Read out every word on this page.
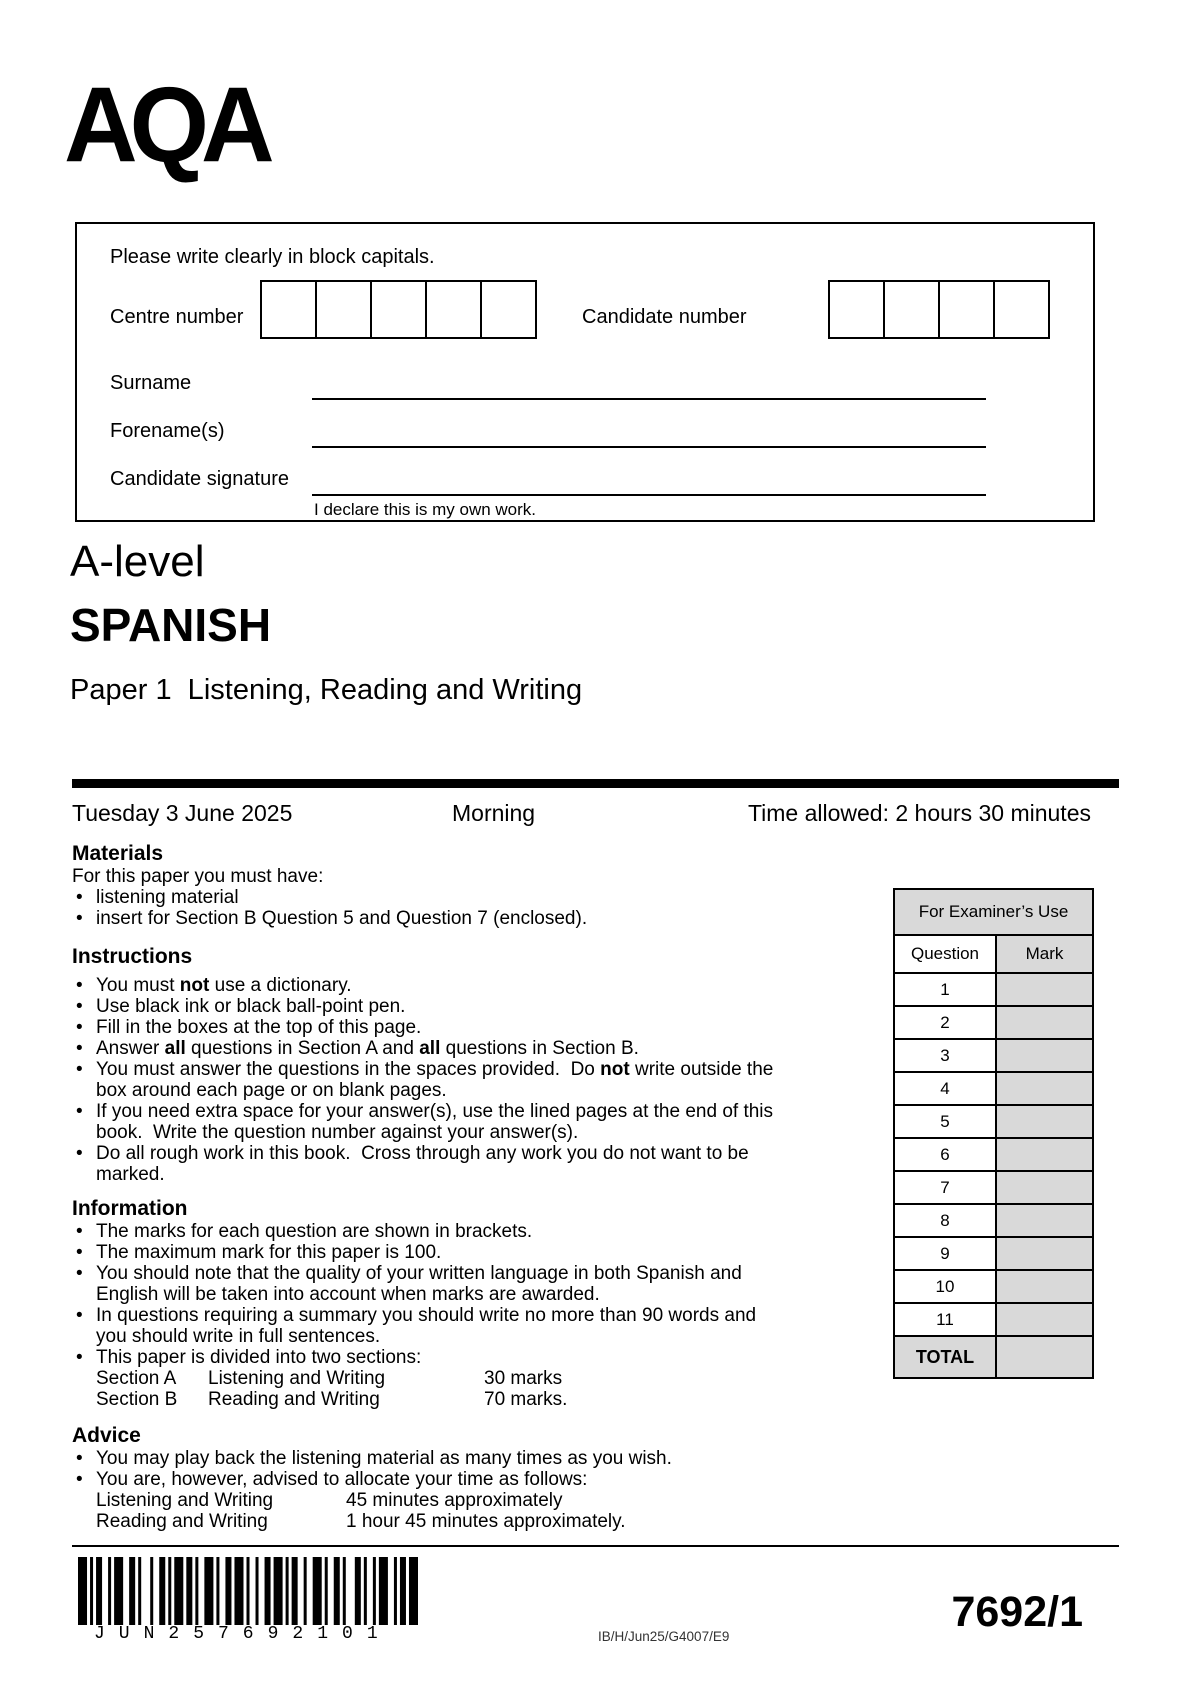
AQA
Please write clearly in block capitals.
Centre number	Candidate number
Surname
Forename(s)
Candidate signature
I declare this is my own work.
A-level
SPANISH
Paper 1  Listening, Reading and Writing
Tuesday 3 June 2025	Morning	Time allowed: 2 hours 30 minutes
Materials
For this paper you must have:
• listening material
• insert for Section B Question 5 and Question 7 (enclosed).
Instructions
• You must not use a dictionary.
• Use black ink or black ball-point pen.
• Fill in the boxes at the top of this page.
• Answer all questions in Section A and all questions in Section B.
• You must answer the questions in the spaces provided.  Do not write outside the box around each page or on blank pages.
• If you need extra space for your answer(s), use the lined pages at the end of this book.  Write the question number against your answer(s).
• Do all rough work in this book.  Cross through any work you do not want to be marked.
Information
• The marks for each question are shown in brackets.
• The maximum mark for this paper is 100.
• You should note that the quality of your written language in both Spanish and English will be taken into account when marks are awarded.
• In questions requiring a summary you should write no more than 90 words and you should write in full sentences.
• This paper is divided into two sections:
Section A	Listening and Writing	30 marks
Section B	Reading and Writing	70 marks.
Advice
• You may play back the listening material as many times as you wish.
• You are, however, advised to allocate your time as follows:
Listening and Writing	45 minutes approximately
Reading and Writing	1 hour 45 minutes approximately.
For Examiner’s Use	
Question	Mark
1	
2	
3	
4	
5	
6	
7	
8	
9	
10	
11	
TOTAL	
JUN257692101	IB/H/Jun25/G4007/E9
7692/1
